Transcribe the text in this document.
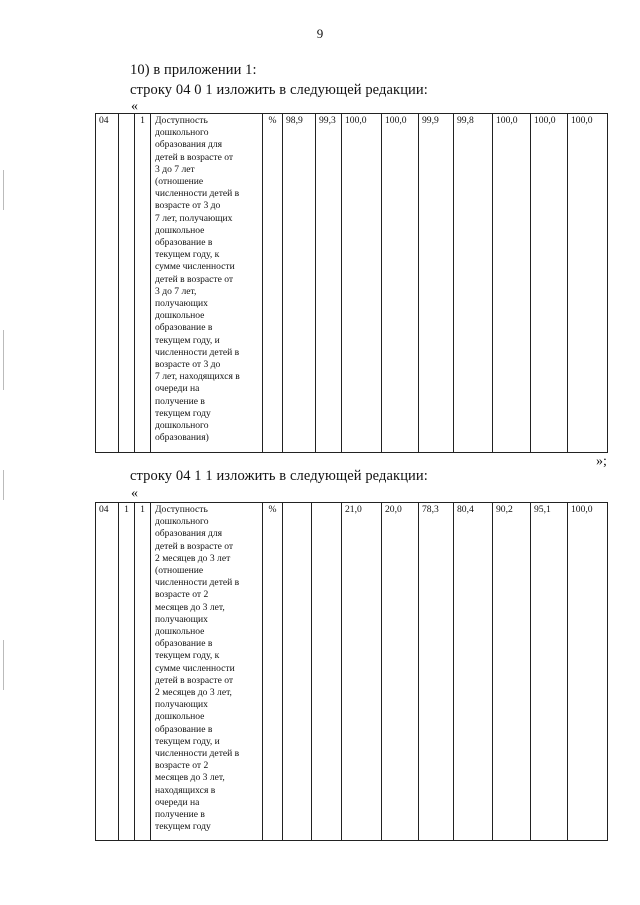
9
10) в приложении 1:
строку 04 0 1 изложить в следующей редакции:
«
04		1	Доступность
дошкольного
образования для
детей в возрасте от
3 до 7 лет
(отношение
численности детей в
возрасте от 3 до
7 лет, получающих
дошкольное
образование в
текущем году, к
сумме численности
детей в возрасте от
3 до 7 лет,
получающих
дошкольное
образование в
текущем году, и
численности детей в
возрасте от 3 до
7 лет, находящихся в
очереди на
получение в
текущем году
дошкольного
образования)	%	98,9	99,3	100,0	100,0	99,9	99,8	100,0	100,0	100,0
»;
строку 04 1 1 изложить в следующей редакции:
«
04	1	1	Доступность
дошкольного
образования для
детей в возрасте от
2 месяцев до 3 лет
(отношение
численности детей в
возрасте от 2
месяцев до 3 лет,
получающих
дошкольное
образование в
текущем году, к
сумме численности
детей в возрасте от
2 месяцев до 3 лет,
получающих
дошкольное
образование в
текущем году, и
численности детей в
возрасте от 2
месяцев до 3 лет,
находящихся в
очереди на
получение в
текущем году	%			21,0	20,0	78,3	80,4	90,2	95,1	100,0
